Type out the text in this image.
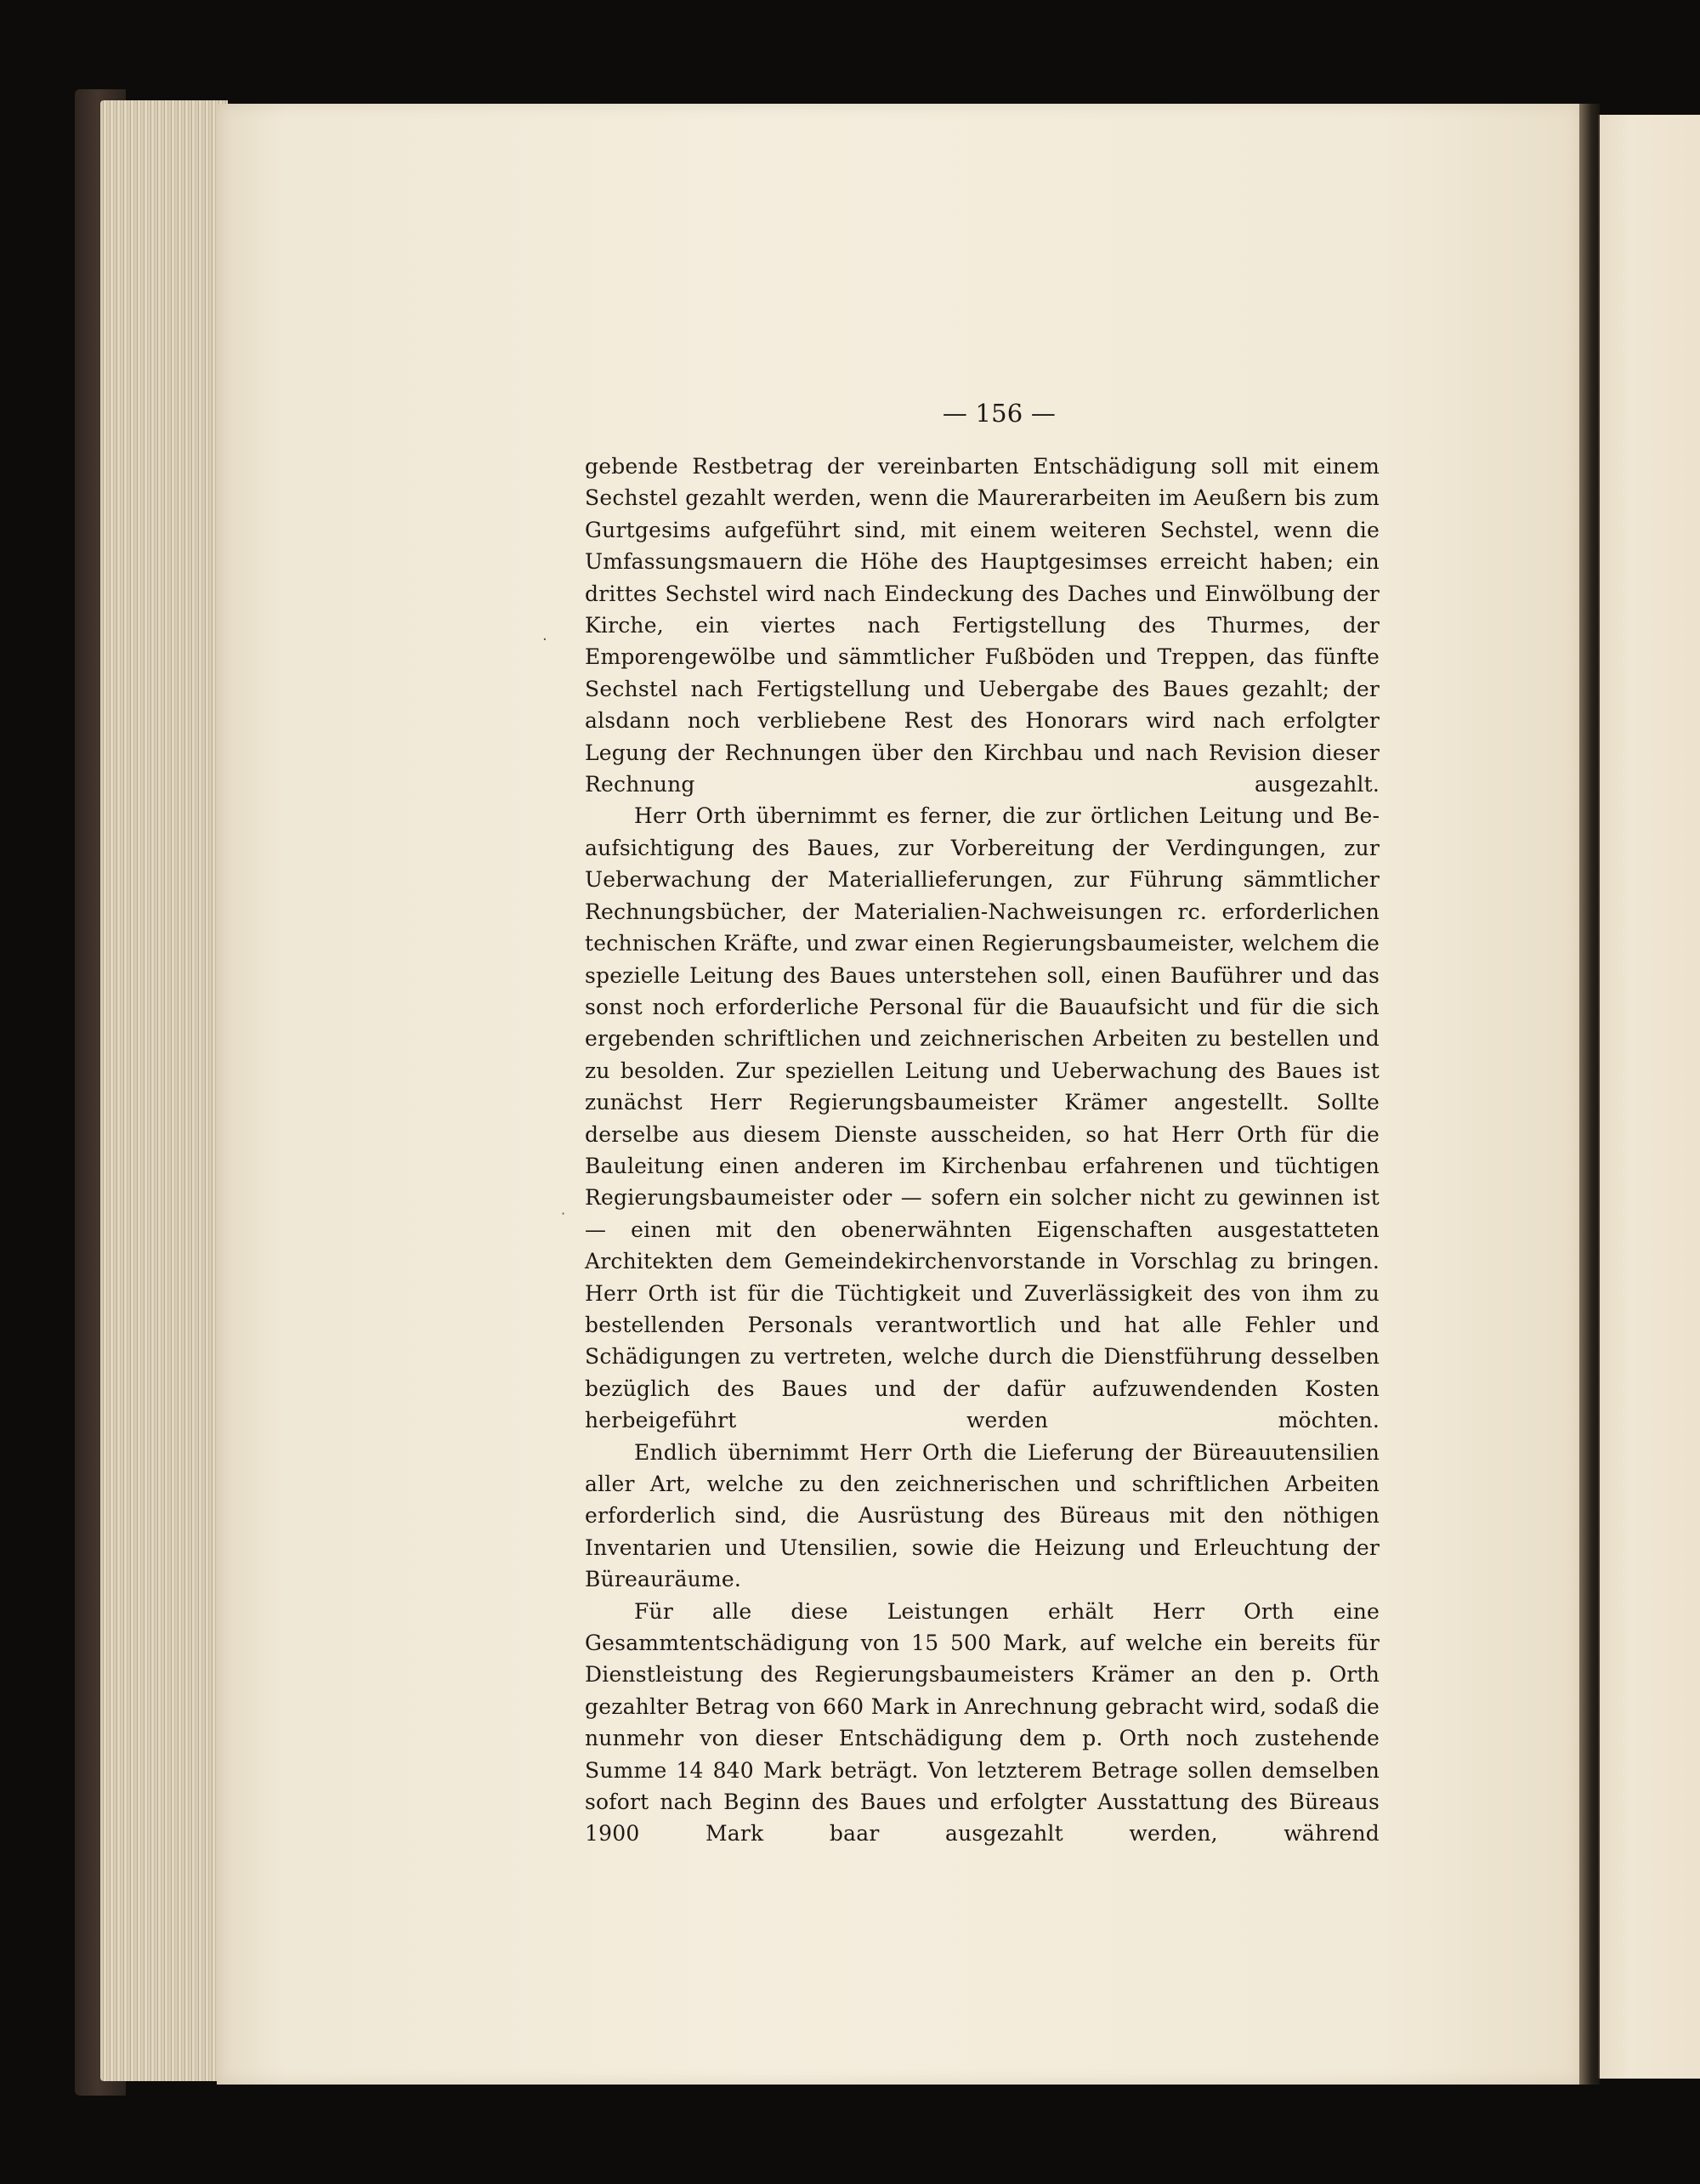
·
·
— 156 —

gebende Restbetrag der vereinbarten Entschädigung soll mit einem Sechstel gezahlt werden, wenn die Maurerarbeiten im Aeußern bis zum Gurtgesims aufgeführt sind, mit einem weiteren Sechstel, wenn die Umfassungsmauern die Höhe des Hauptgesimses erreicht haben; ein drittes Sechstel wird nach Eindeckung des Daches und Einwölbung der Kirche, ein viertes nach Fertigstellung des Thurmes, der Emporengewölbe und sämmtlicher Fußböden und Treppen, das fünfte Sechstel nach Fertigstellung und Uebergabe des Baues gezahlt; der alsdann noch verbliebene Rest des Honorars wird nach erfolgter Legung der Rechnungen über den Kirchbau und nach Revision dieser Rechnung ausgezahlt.

Herr Orth übernimmt es ferner, die zur örtlichen Leitung und Beaufsichtigung des Baues, zur Vorbereitung der Verdingungen, zur Ueberwachung der Materiallieferungen, zur Führung sämmtlicher Rechnungsbücher, der Materialien-Nachweisungen rc. erforderlichen technischen Kräfte, und zwar einen Regierungsbaumeister, welchem die spezielle Leitung des Baues unterstehen soll, einen Bauführer und das sonst noch erforderliche Personal für die Bauaufsicht und für die sich ergebenden schriftlichen und zeichnerischen Arbeiten zu bestellen und zu besolden. Zur speziellen Leitung und Ueberwachung des Baues ist zunächst Herr Regierungsbaumeister Krämer angestellt. Sollte derselbe aus diesem Dienste ausscheiden, so hat Herr Orth für die Bauleitung einen anderen im Kirchenbau erfahrenen und tüchtigen Regierungsbaumeister oder — sofern ein solcher nicht zu gewinnen ist — einen mit den obenerwähnten Eigenschaften ausgestatteten Architekten dem Gemeindekirchenvorstande in Vorschlag zu bringen. Herr Orth ist für die Tüchtigkeit und Zuverlässigkeit des von ihm zu bestellenden Personals verantwortlich und hat alle Fehler und Schädigungen zu vertreten, welche durch die Dienstführung desselben bezüglich des Baues und der dafür aufzuwendenden Kosten herbeigeführt werden möchten.

Endlich übernimmt Herr Orth die Lieferung der Büreauutensilien aller Art, welche zu den zeichnerischen und schriftlichen Arbeiten erforderlich sind, die Ausrüstung des Büreaus mit den nöthigen Inventarien und Utensilien, sowie die Heizung und Erleuchtung der Büreauräume.

Für alle diese Leistungen erhält Herr Orth eine Gesammtentschädigung von 15 500 Mark, auf welche ein bereits für Dienstleistung des Regierungsbaumeisters Krämer an den p. Orth gezahlter Betrag von 660 Mark in Anrechnung gebracht wird, sodaß die nunmehr von dieser Entschädigung dem p. Orth noch zustehende Summe 14 840 Mark beträgt. Von letzterem Betrage sollen demselben sofort nach Beginn des Baues und erfolgter Ausstattung des Büreaus 1900 Mark baar ausgezahlt werden, während
